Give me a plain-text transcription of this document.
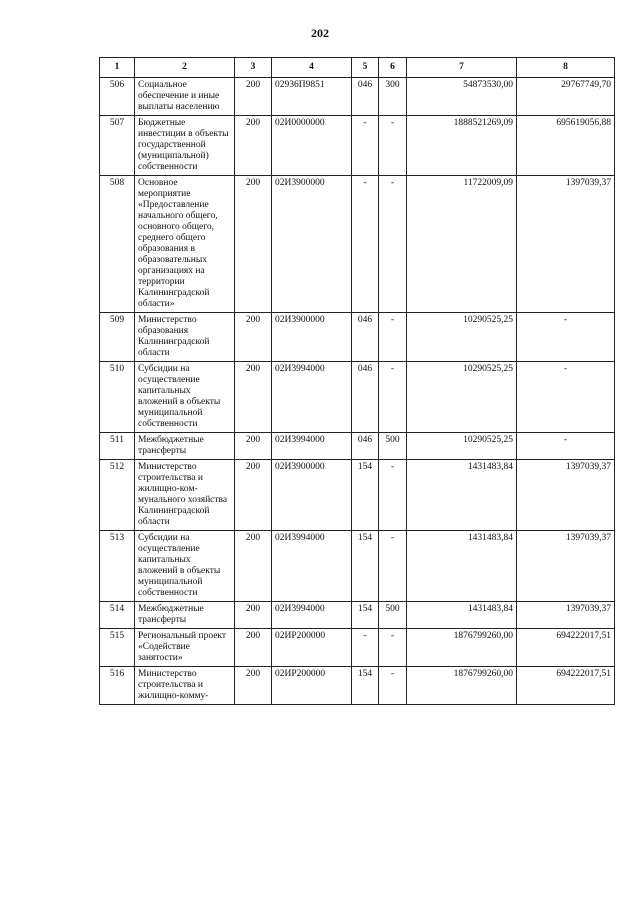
202
1	2	3	4	5	6	7	8
506	Социальное обеспечение и иные выплаты населению	200	02936П9851	046	300	54873530,00	29767749,70
507	Бюджетные инвестиции в объекты государственной (муниципальной) собственности	200	02И0000000	-	-	1888521269,09	695619056,88
508	Основное мероприятие «Предоставление начального общего, основного общего, среднего общего образования в образовательных организациях на территории Калининградской области»	200	02И3900000	-	-	11722009,09	1397039,37
509	Министерство образования Калининградской области	200	02И3900000	046	-	10290525,25	-
510	Субсидии на осуществление капитальных вложений в объекты муниципальной собственности	200	02И3994000	046	-	10290525,25	-
511	Межбюджетные трансферты	200	02И3994000	046	500	10290525,25	-
512	Министерство строительства и жилищно-ком-мунального хозяйства Калининградской области	200	02И3900000	154	-	1431483,84	1397039,37
513	Субсидии на осуществление капитальных вложений в объекты муниципальной собственности	200	02И3994000	154	-	1431483,84	1397039,37
514	Межбюджетные трансферты	200	02И3994000	154	500	1431483,84	1397039,37
515	Региональный проект «Содействие занятости»	200	02ИР200000	-	-	1876799260,00	694222017,51
516	Министерство строительства и жилищно-комму-	200	02ИР200000	154	-	1876799260,00	694222017,51
